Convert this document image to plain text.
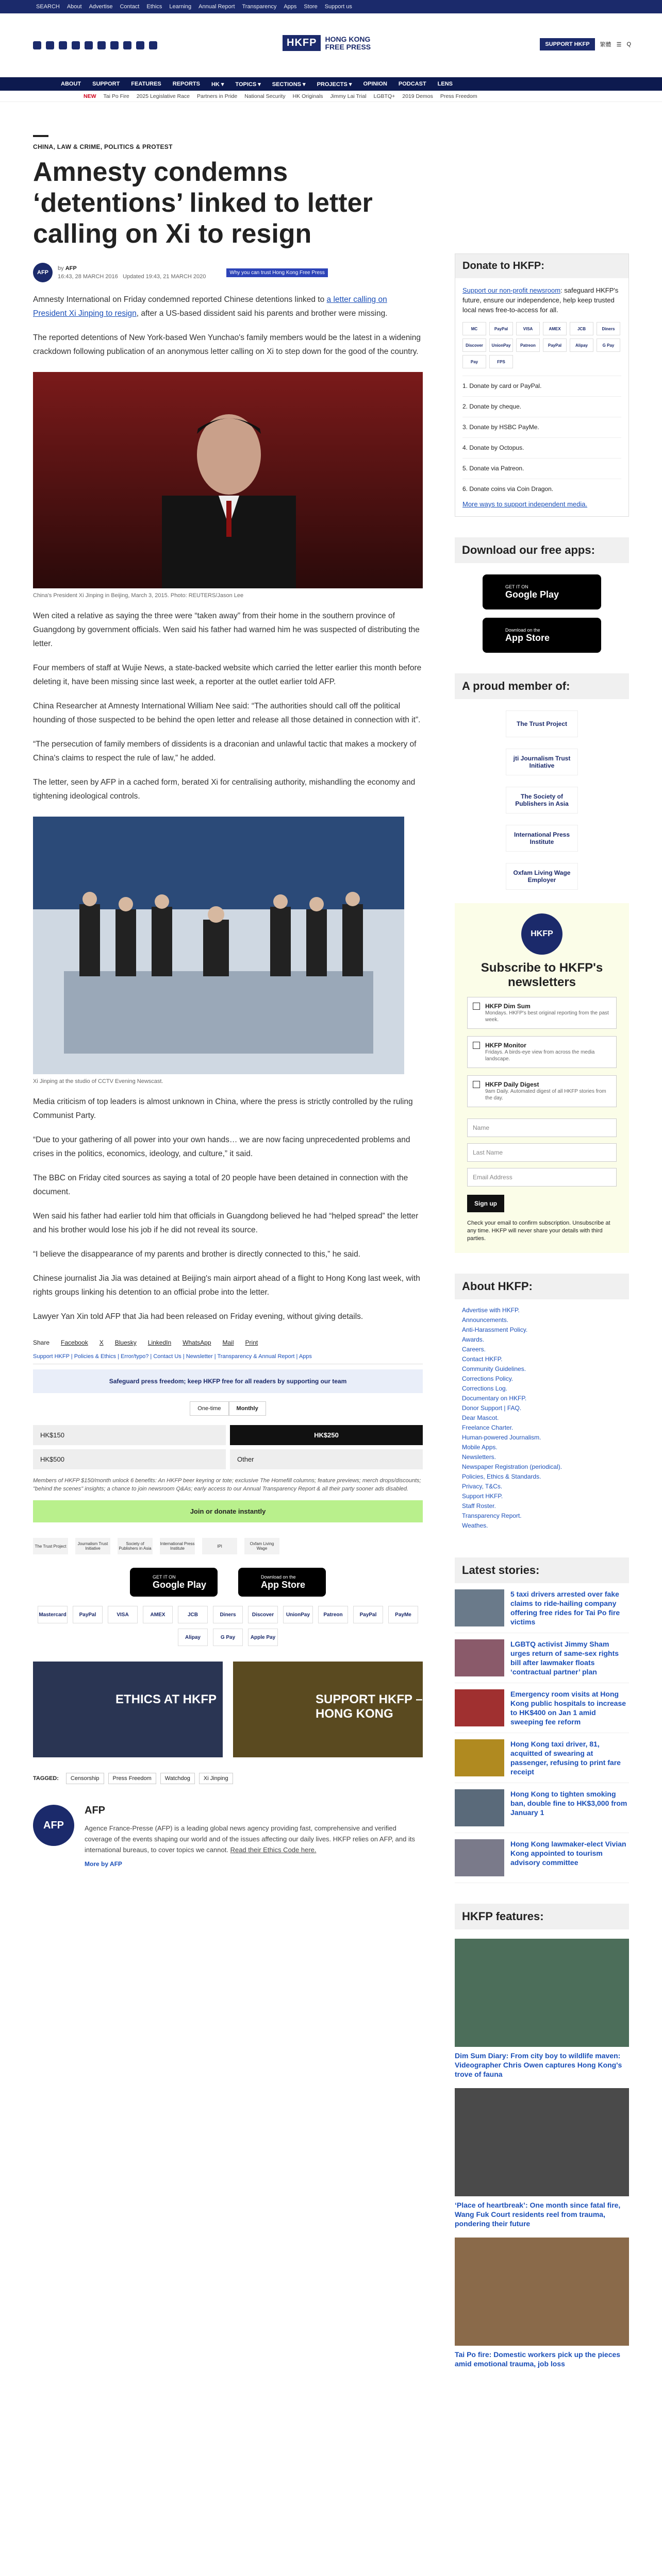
SEARCH About Advertise Contact Ethics Learning Annual Report Transparency Apps Store Support us
HKFP	HONG KONG FREE PRESS	SUPPORT HKFP	繁體 ☰ Q
ABOUT SUPPORT FEATURES REPORTS HK ▾ TOPICS ▾ SECTIONS ▾ PROJECTS ▾ OPINION PODCAST LENS
NEW Tai Po Fire 2025 Legislative Race Partners in Pride National Security HK Originals Jimmy Lai Trial LGBTQ+ 2019 Demos Press Freedom
CHINA, LAW & CRIME, POLITICS & PROTEST
Amnesty condemns ‘detentions’ linked to letter calling on Xi to resign
AFP
by AFP
16:43, 28 MARCH 2016 Updated 19:43, 21 MARCH 2020
Why you can trust Hong Kong Free Press

Amnesty International on Friday condemned reported Chinese detentions linked to a letter calling on President Xi Jinping to resign, after a US-based dissident said his parents and brother were missing.

The reported detentions of New York-based Wen Yunchao's family members would be the latest in a widening crackdown following publication of an anonymous letter calling on Xi to step down for the good of the country.

China's President Xi Jinping in Beijing, March 3, 2015. Photo: REUTERS/Jason Lee

Wen cited a relative as saying the three were “taken away” from their home in the southern province of Guangdong by government officials. Wen said his father had warned him he was suspected of distributing the letter.

Four members of staff at Wujie News, a state-backed website which carried the letter earlier this month before deleting it, have been missing since last week, a reporter at the outlet earlier told AFP.

China Researcher at Amnesty International William Nee said: “The authorities should call off the political hounding of those suspected to be behind the open letter and release all those detained in connection with it”.

“The persecution of family members of dissidents is a draconian and unlawful tactic that makes a mockery of China's claims to respect the rule of law,” he added.

The letter, seen by AFP in a cached form, berated Xi for centralising authority, mishandling the economy and tightening ideological controls.

Xi Jinping at the studio of CCTV Evening Newscast.

Media criticism of top leaders is almost unknown in China, where the press is strictly controlled by the ruling Communist Party.

“Due to your gathering of all power into your own hands… we are now facing unprecedented problems and crises in the politics, economics, ideology, and culture,” it said.

The BBC on Friday cited sources as saying a total of 20 people have been detained in connection with the document.

Wen said his father had earlier told him that officials in Guangdong believed he had “helped spread” the letter and his brother would lose his job if he did not reveal its source.

“I believe the disappearance of my parents and brother is directly connected to this,” he said.

Chinese journalist Jia Jia was detained at Beijing's main airport ahead of a flight to Hong Kong last week, with rights groups linking his detention to an official probe into the letter.

Lawyer Yan Xin told AFP that Jia had been released on Friday evening, without giving details.

Share Facebook X Bluesky LinkedIn WhatsApp Mail Print
Support HKFP | Policies & Ethics | Error/typo? | Contact Us | Newsletter | Transparency & Annual Report | Apps
Safeguard press freedom; keep HKFP free for all readers by supporting our team
One-time	Monthly
HK$150	HK$250
HK$500	Other
Members of HKFP $150/month unlock 6 benefits: An HKFP beer keyring or tote; exclusive The Homefill columns; feature previews; merch drops/discounts; "behind the scenes" insights; a chance to join newsroom Q&As; early access to our Annual Transparency Report & all their party sooner ads disabled.
Join or donate instantly
The Trust Project	Journalism Trust Initiative
Society of Publishers in Asia
International Press Institute	IPI	Oxfam Living Wage
GET IT ON
Google Play
Download on the
App Store
Mastercard	PayPal	VISA	AMEX	JCB	Diners	Discover	UnionPay	Patreon	PayPal	PayMe
Alipay	G Pay	Apple Pay
ETHICS AT HKFP	SUPPORT HKFP – HONG KONG
TAGGED:	Censorship	Press Freedom	Watchdog	Xi Jinping
AFP
AFP

Agence France-Presse (AFP) is a leading global news agency providing fast, comprehensive and verified coverage of the events shaping our world and of the issues affecting our daily lives. HKFP relies on AFP, and its international bureaus, to cover topics we cannot. Read their Ethics Code here.

More by AFP
Donate to HKFP:
Support our non-profit newsroom: safeguard HKFP's future, ensure our independence, help keep trusted local news free-to-access for all.
MC	PayPal	VISA	AMEX	JCB	Diners
Discover	UnionPay	Patreon	PayPal	Alipay	G Pay
Pay	FPS
1. Donate by card or PayPal.
2. Donate by cheque.
3. Donate by HSBC PayMe.
4. Donate by Octopus.
5. Donate via Patreon.
6. Donate coins via Coin Dragon.
More ways to support independent media.
Download our free apps:
GET IT ON
Google Play
Download on the
App Store
A proud member of:
The Trust Project
jti Journalism Trust Initiative
The Society of Publishers in Asia
International Press Institute
Oxfam Living Wage Employer
HKFP
Subscribe to HKFP's newsletters
HKFP Dim Sum
Mondays. HKFP's best original reporting from the past week.
HKFP Monitor
Fridays. A birds-eye view from across the media landscape.
HKFP Daily Digest
9am Daily. Automated digest of all HKFP stories from the day.
Name
Last Name
Email Address
Sign up
Check your email to confirm subscription. Unsubscribe at any time. HKFP will never share your details with third parties.
About HKFP:
Advertise with HKFP.
Announcements.
Anti-Harassment Policy.
Awards.
Careers.
Contact HKFP.
Community Guidelines.
Corrections Policy.
Corrections Log.
Documentary on HKFP.
Donor Support | FAQ.
Dear Mascot.
Freelance Charter.
Human-powered Journalism.
Mobile Apps.
Newsletters.
Newspaper Registration (periodical).
Policies, Ethics & Standards.
Privacy, T&Cs.
Support HKFP.
Staff Roster.
Transparency Report.
Weathes.
Latest stories:
5 taxi drivers arrested over fake claims to ride-hailing company offering free rides for Tai Po fire victims
LGBTQ activist Jimmy Sham urges return of same-sex rights bill after lawmaker floats ‘contractual partner’ plan
Emergency room visits at Hong Kong public hospitals to increase to HK$400 on Jan 1 amid sweeping fee reform
Hong Kong taxi driver, 81, acquitted of swearing at passenger, refusing to print fare receipt
Hong Kong to tighten smoking ban, double fine to HK$3,000 from January 1
Hong Kong lawmaker-elect Vivian Kong appointed to tourism advisory committee
HKFP features:
Dim Sum Diary: From city boy to wildlife maven: Videographer Chris Owen captures Hong Kong's trove of fauna
‘Place of heartbreak’: One month since fatal fire, Wang Fuk Court residents reel from trauma, pondering their future
Tai Po fire: Domestic workers pick up the pieces amid emotional trauma, job loss
